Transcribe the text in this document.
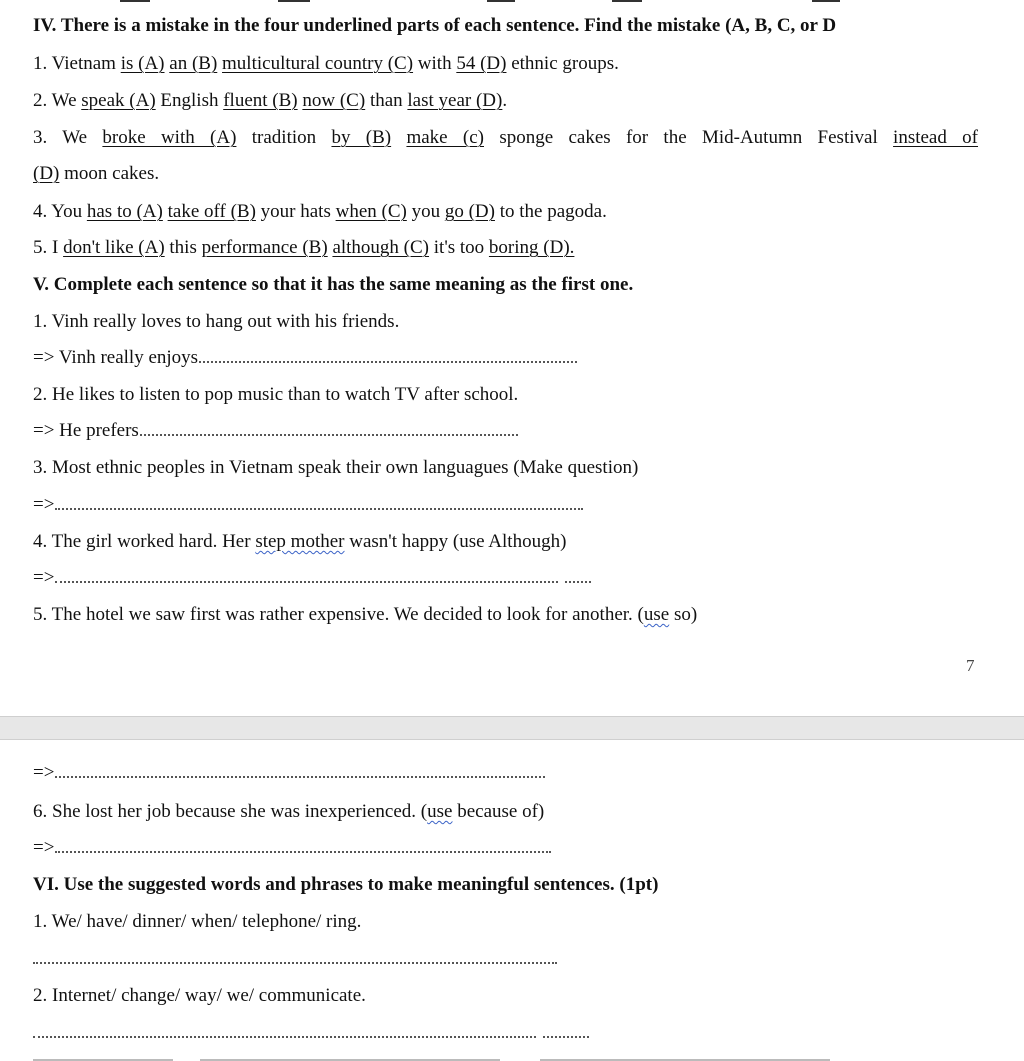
IV. There is a mistake in the four underlined parts of each sentence. Find the mistake (A, B, C, or D
1. Vietnam is (A) an (B) multicultural country (C) with 54 (D) ethnic groups.
2. We speak (A) English fluent (B) now (C) than last year (D).
3. We broke with (A) tradition by (B) make (c) sponge cakes for the Mid-Autumn Festival instead of
(D) moon cakes.
4. You has to (A) take off (B) your hats when (C) you go (D) to the pagoda.
5. I don't like (A) this performance (B) although (C) it's too boring (D).
V. Complete each sentence so that it has the same meaning as the first one.
1. Vinh really loves to hang out with his friends.
=> Vinh really enjoys
2. He likes to listen to pop music than to watch TV after school.
=> He prefers
3. Most ethnic peoples in Vietnam speak their own languagues (Make question)
=>
4. The girl worked hard. Her step mother wasn't happy (use Although)
=>
5. The hotel we saw first was rather expensive. We decided to look for another. (use so)
7
=>
6. She lost her job because she was inexperienced. (use because of)
=>
VI. Use the suggested words and phrases to make meaningful sentences. (1pt)
1. We/ have/ dinner/ when/ telephone/ ring.
2. Internet/ change/ way/ we/ communicate.
